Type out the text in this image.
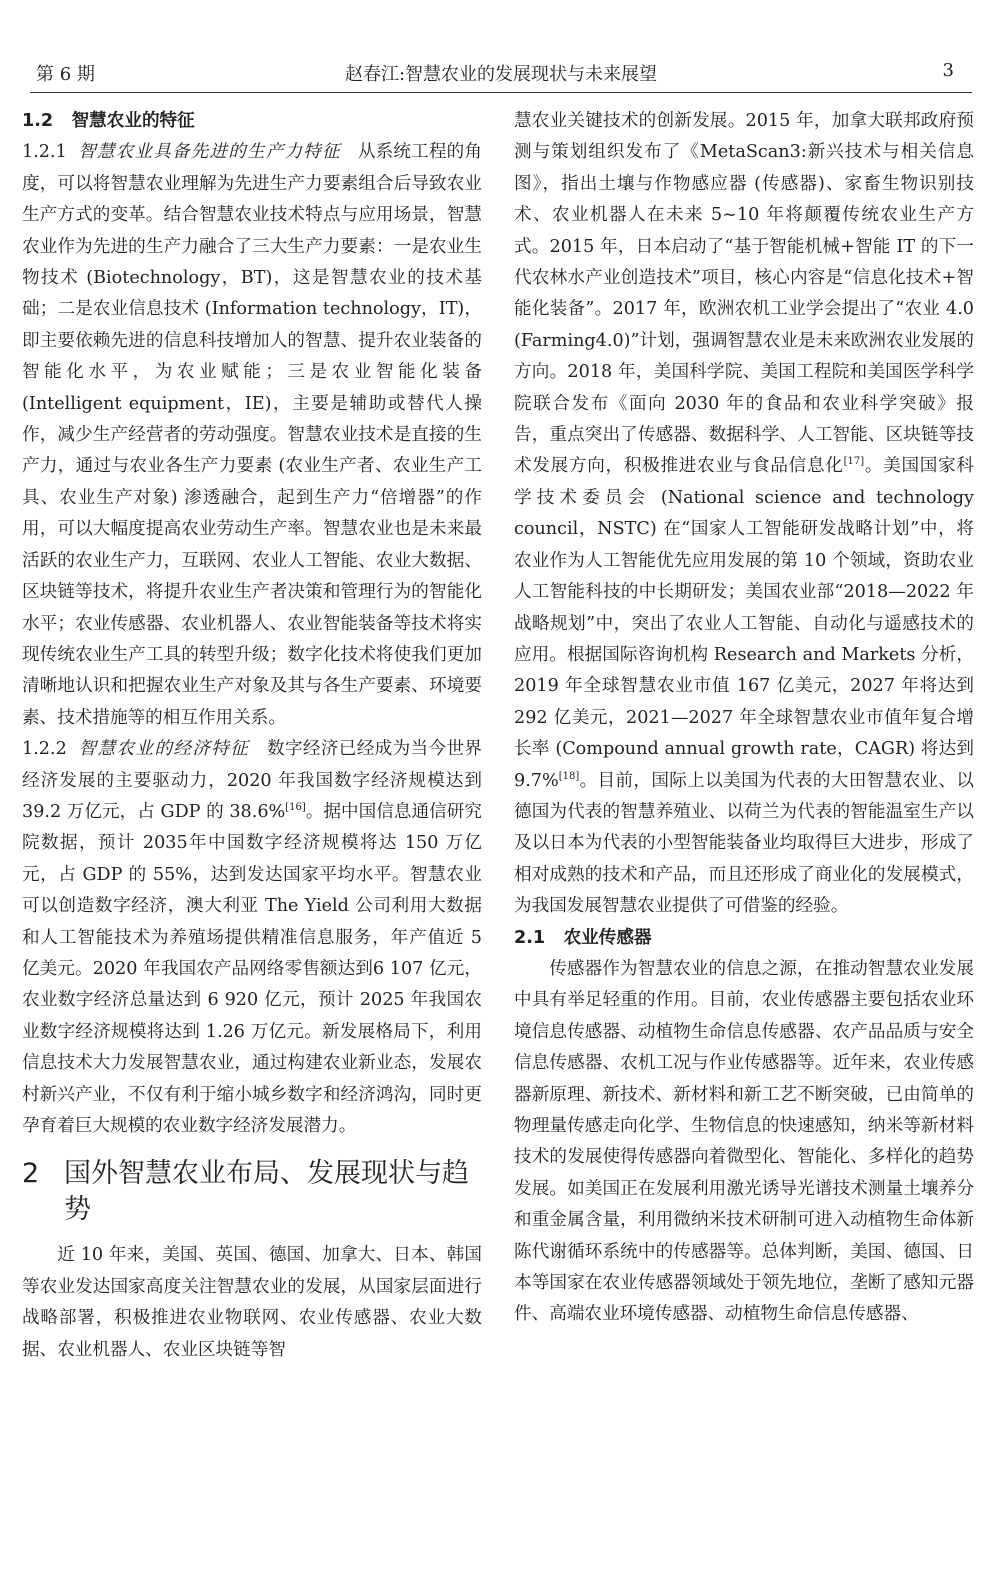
第 6 期	赵春江:智慧农业的发展现状与未来展望	3
1.2 智慧农业的特征

1.2.1 智慧农业具备先进的生产力特征 从系统工程的角度，可以将智慧农业理解为先进生产力要素组合后导致农业生产方式的变革。结合智慧农业技术特点与应用场景，智慧农业作为先进的生产力融合了三大生产力要素：一是农业生物技术 (Biotechnology，BT)，这是智慧农业的技术基础；二是农业信息技术 (Information technology，IT)，即主要依赖先进的信息科技增加人的智慧、提升农业装备的智能化水平，为农业赋能；三是农业智能化装备 (Intelligent equipment，IE)，主要是辅助或替代人操作，减少生产经营者的劳动强度。智慧农业技术是直接的生产力，通过与农业各生产力要素 (农业生产者、农业生产工具、农业生产对象) 渗透融合，起到生产力“倍增器”的作用，可以大幅度提高农业劳动生产率。智慧农业也是未来最活跃的农业生产力，互联网、农业人工智能、农业大数据、区块链等技术，将提升农业生产者决策和管理行为的智能化水平；农业传感器、农业机器人、农业智能装备等技术将实现传统农业生产工具的转型升级；数字化技术将使我们更加清晰地认识和把握农业生产对象及其与各生产要素、环境要素、技术措施等的相互作用关系。

1.2.2 智慧农业的经济特征 数字经济已经成为当今世界经济发展的主要驱动力，2020 年我国数字经济规模达到 39.2 万亿元，占 GDP 的 38.6%[16]。据中国信息通信研究院数据，预计 2035年中国数字经济规模将达 150 万亿元，占 GDP 的 55%，达到发达国家平均水平。智慧农业可以创造数字经济，澳大利亚 The Yield 公司利用大数据和人工智能技术为养殖场提供精准信息服务，年产值近 5 亿美元。2020 年我国农产品网络零售额达到6 107 亿元，农业数字经济总量达到 6 920 亿元，预计 2025 年我国农业数字经济规模将达到 1.26 万亿元。新发展格局下，利用信息技术大力发展智慧农业，通过构建农业新业态，发展农村新兴产业，不仅有利于缩小城乡数字和经济鸿沟，同时更孕育着巨大规模的农业数字经济发展潜力。

2 国外智慧农业布局、发展现状与趋势

近 10 年来，美国、英国、德国、加拿大、日本、韩国等农业发达国家高度关注智慧农业的发展，从国家层面进行战略部署，积极推进农业物联网、农业传感器、农业大数据、农业机器人、农业区块链等智

慧农业关键技术的创新发展。2015 年，加拿大联邦政府预测与策划组织发布了《MetaScan3:新兴技术与相关信息图》，指出土壤与作物感应器 (传感器)、家畜生物识别技术、农业机器人在未来 5~10 年将颠覆传统农业生产方式。2015 年，日本启动了“基于智能机械+智能 IT 的下一代农林水产业创造技术”项目，核心内容是“信息化技术+智能化装备”。2017 年，欧洲农机工业学会提出了“农业 4.0 (Farming4.0)”计划，强调智慧农业是未来欧洲农业发展的方向。2018 年，美国科学院、美国工程院和美国医学科学院联合发布《面向 2030 年的食品和农业科学突破》报告，重点突出了传感器、数据科学、人工智能、区块链等技术发展方向，积极推进农业与食品信息化[17]。美国国家科学技术委员会 (National science and technology council，NSTC) 在“国家人工智能研发战略计划”中，将农业作为人工智能优先应用发展的第 10 个领域，资助农业人工智能科技的中长期研发；美国农业部“2018—2022 年战略规划”中，突出了农业人工智能、自动化与遥感技术的应用。根据国际咨询机构 Research and Markets 分析，2019 年全球智慧农业市值 167 亿美元，2027 年将达到 292 亿美元，2021—2027 年全球智慧农业市值年复合增长率 (Compound annual growth rate，CAGR) 将达到 9.7%[18]。目前，国际上以美国为代表的大田智慧农业、以德国为代表的智慧养殖业、以荷兰为代表的智能温室生产以及以日本为代表的小型智能装备业均取得巨大进步，形成了相对成熟的技术和产品，而且还形成了商业化的发展模式，为我国发展智慧农业提供了可借鉴的经验。

2.1 农业传感器

传感器作为智慧农业的信息之源，在推动智慧农业发展中具有举足轻重的作用。目前，农业传感器主要包括农业环境信息传感器、动植物生命信息传感器、农产品品质与安全信息传感器、农机工况与作业传感器等。近年来，农业传感器新原理、新技术、新材料和新工艺不断突破，已由简单的物理量传感走向化学、生物信息的快速感知，纳米等新材料技术的发展使得传感器向着微型化、智能化、多样化的趋势发展。如美国正在发展利用激光诱导光谱技术测量土壤养分和重金属含量，利用微纳米技术研制可进入动植物生命体新陈代谢循环系统中的传感器等。总体判断，美国、德国、日本等国家在农业传感器领域处于领先地位，垄断了感知元器件、高端农业环境传感器、动植物生命信息传感器、
